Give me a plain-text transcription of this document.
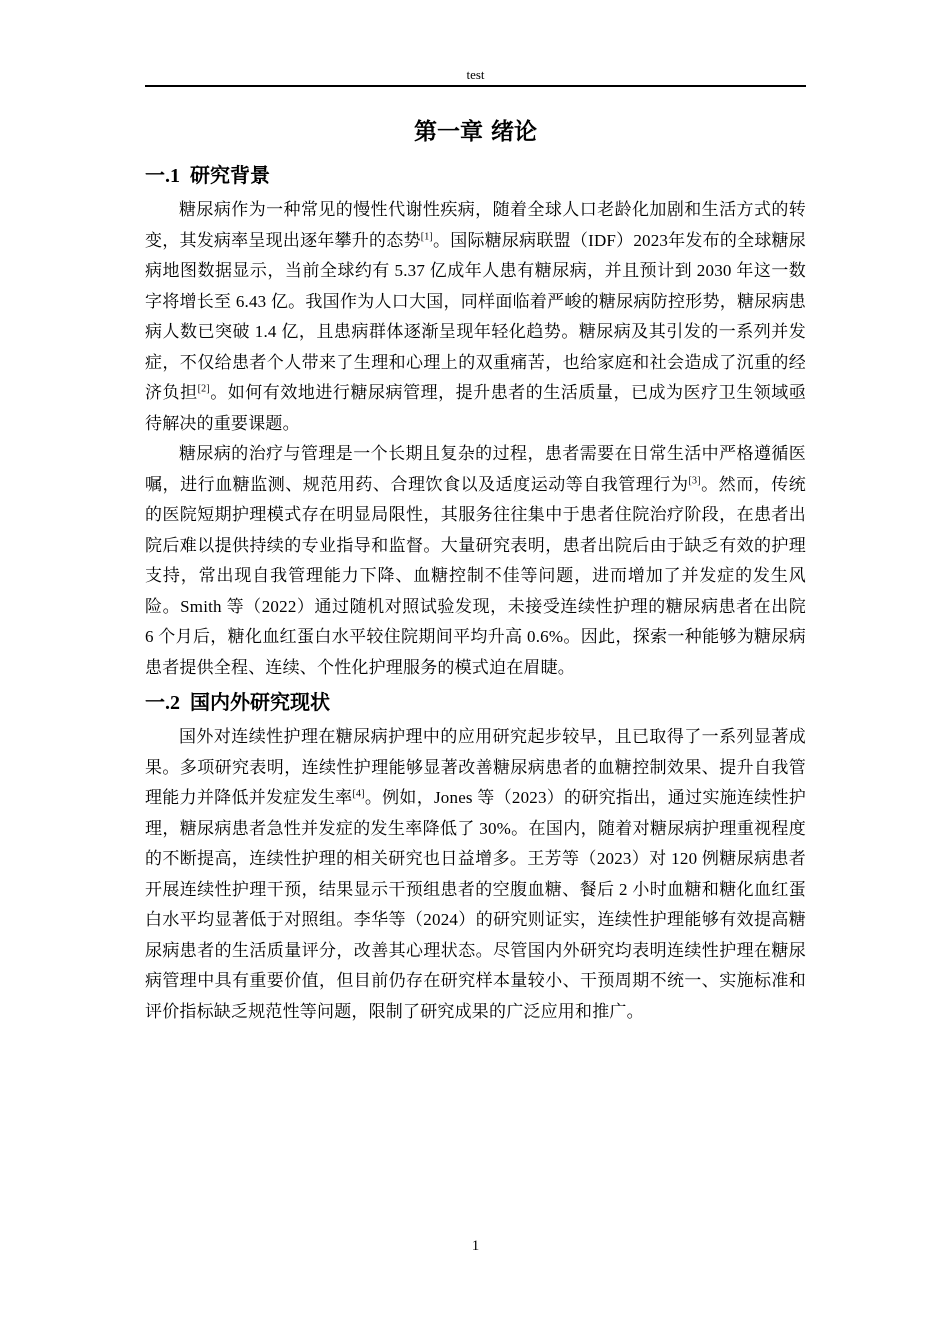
test
第一章 绪论
一.1 研究背景

糖尿病作为一种常见的慢性代谢性疾病，随着全球人口老龄化加剧和生活方式的转变，其发病率呈现出逐年攀升的态势[1]。国际糖尿病联盟（IDF）2023年发布的全球糖尿病地图数据显示，当前全球约有 5.37 亿成年人患有糖尿病，并且预计到 2030 年这一数字将增长至 6.43 亿。我国作为人口大国，同样面临着严峻的糖尿病防控形势，糖尿病患病人数已突破 1.4 亿，且患病群体逐渐呈现年轻化趋势。糖尿病及其引发的一系列并发症，不仅给患者个人带来了生理和心理上的双重痛苦，也给家庭和社会造成了沉重的经济负担[2]。如何有效地进行糖尿病管理，提升患者的生活质量，已成为医疗卫生领域亟待解决的重要课题。

糖尿病的治疗与管理是一个长期且复杂的过程，患者需要在日常生活中严格遵循医嘱，进行血糖监测、规范用药、合理饮食以及适度运动等自我管理行为[3]。然而，传统的医院短期护理模式存在明显局限性，其服务往往集中于患者住院治疗阶段，在患者出院后难以提供持续的专业指导和监督。大量研究表明，患者出院后由于缺乏有效的护理支持，常出现自我管理能力下降、血糖控制不佳等问题，进而增加了并发症的发生风险。Smith 等（2022）通过随机对照试验发现，未接受连续性护理的糖尿病患者在出院 6 个月后，糖化血红蛋白水平较住院期间平均升高 0.6%。因此，探索一种能够为糖尿病患者提供全程、连续、个性化护理服务的模式迫在眉睫。

一.2 国内外研究现状

国外对连续性护理在糖尿病护理中的应用研究起步较早，且已取得了一系列显著成果。多项研究表明，连续性护理能够显著改善糖尿病患者的血糖控制效果、提升自我管理能力并降低并发症发生率[4]。例如，Jones 等（2023）的研究指出，通过实施连续性护理，糖尿病患者急性并发症的发生率降低了 30%。在国内，随着对糖尿病护理重视程度的不断提高，连续性护理的相关研究也日益增多。王芳等（2023）对 120 例糖尿病患者开展连续性护理干预，结果显示干预组患者的空腹血糖、餐后 2 小时血糖和糖化血红蛋白水平均显著低于对照组。李华等（2024）的研究则证实，连续性护理能够有效提高糖尿病患者的生活质量评分，改善其心理状态。尽管国内外研究均表明连续性护理在糖尿病管理中具有重要价值，但目前仍存在研究样本量较小、干预周期不统一、实施标准和评价指标缺乏规范性等问题，限制了研究成果的广泛应用和推广。

1
